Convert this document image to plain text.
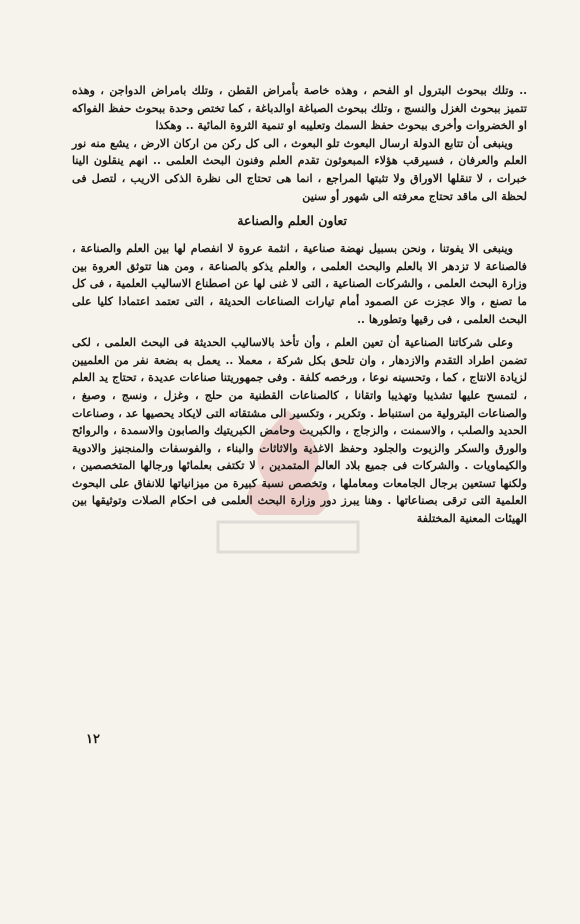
.. وتلك ببحوث البترول او الفحم ، وهذه خاصة بأمراض القطن ، وتلك بامراض الدواجن ، وهذه تتميز ببحوث الغزل والنسج ، وتلك ببحوث الصباغة اوالدباغة ، كما تختص وحدة ببحوث حفظ الفواكه او الخضروات وأخرى ببحوث حفظ السمك وتعليبه او تنمية الثروة المائية .. وهكذا

وينبغى أن تتابع الدولة ارسال البعوث تلو البعوث ، الى كل ركن من اركان الارض ، يشع منه نور العلم والعرفان ، فسيرقب هؤلاء المبعوثون تقدم العلم وفنون البحث العلمى .. انهم ينقلون الينا خبرات ، لا تنقلها الاوراق ولا تثبتها المراجع ، انما هى تحتاج الى نظرة الذكى الاريب ، لتصل فى لحظة الى ماقد تحتاج معرفته الى شهور أو سنين

تعاون العلم والصناعة

وينبغى الا يفوتنا ، ونحن بسبيل نهضة صناعية ، انثمة عروة لا انفصام لها بين العلم والصناعة ، فالصناعة لا تزدهر الا بالعلم والبحث العلمى ، والعلم يذكو بالصناعة ، ومن هنا تتوثق العروة بين وزارة البحث العلمى ، والشركات الصناعية ، التى لا غنى لها عن اصطناع الاساليب العلمية ، فى كل ما تصنع ، والا عجزت عن الصمود أمام تيارات الصناعات الحديثة ، التى تعتمد اعتمادا كليا على البحث العلمى ، فى رقيها وتطورها ..

وعلى شركاتنا الصناعية أن تعين العلم ، وأن تأخذ بالاساليب الحديثة فى البحث العلمى ، لكى تضمن اطراد التقدم والازدهار ، وان تلحق بكل شركة ، معملا .. يعمل به بضعة نفر من العلميين لزيادة الانتاج ، كما ، وتحسينه نوعا ، ورخصه كلفة . وفى جمهوريتنا صناعات عديدة ، تحتاج يد العلم ، لتمسح عليها تشذيبا وتهذيبا واتقانا ، كالصناعات القطنية من حلج ، وغزل ، ونسج ، وصبغ ، والصناعات البترولية من استنباط . وتكرير ، وتكسير الى مشتقاته التى لايكاد يحصيها عد ، وصناعات الحديد والصلب ، والاسمنت ، والزجاج ، والكبريت وحامض الكبريتيك والصابون والاسمدة ، والروائح والورق والسكر والزيوت والجلود وحفظ الاغذية والاثاثات والبناء ، والفوسفات والمنجنيز والادوية والكيماويات . والشركات فى جميع بلاد العالم المتمدين ، لا تكتفى بعلمائها ورجالها المتخصصين ، ولكنها تستعين برجال الجامعات ومعاملها ، وتخصص نسبة كبيرة من ميزانياتها للانفاق على البحوث العلمية التى ترقى بصناعاتها . وهنا يبرز دور وزارة البحث العلمى فى احكام الصلات وتوثيقها بين الهيئات المعنية المختلفة

١٢
